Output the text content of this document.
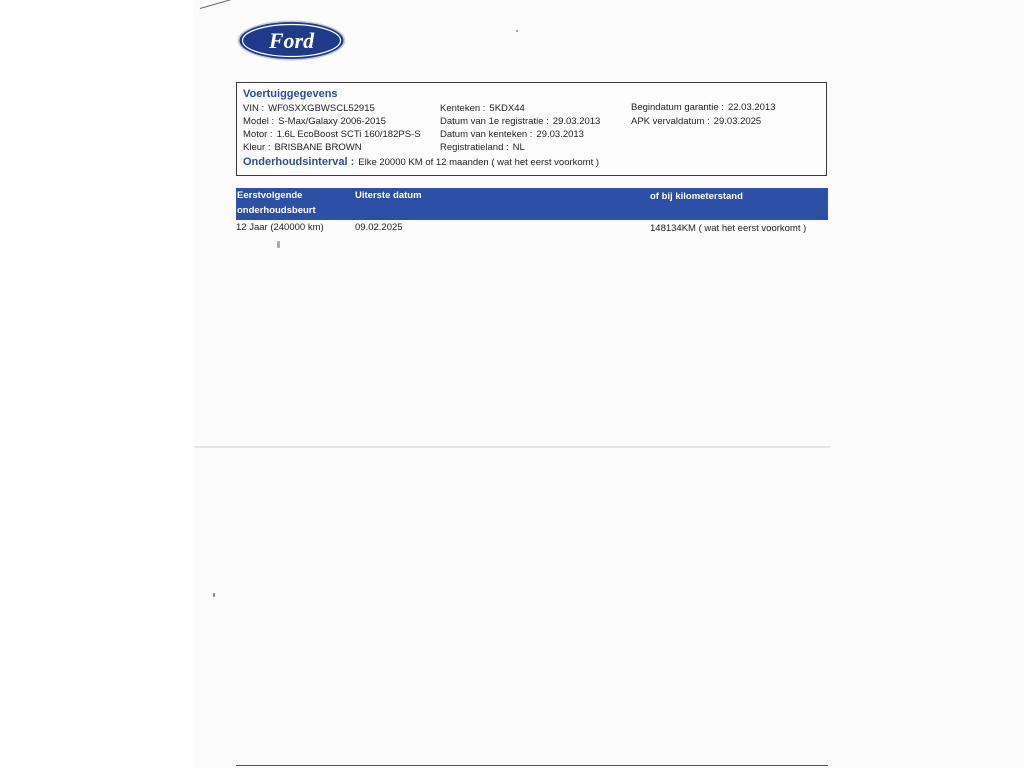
Ford
Voertuiggegevens
VIN : WF0SXXGBWSCL52915
Model : S-Max/Galaxy 2006-2015
Motor : 1.6L EcoBoost SCTi 160/182PS-S
Kleur : BRISBANE BROWN
Kenteken : 5KDX44
Datum van 1e registratie : 29.03.2013
Datum van kenteken : 29.03.2013
Registratieland : NL
Begindatum garantie : 22.03.2013
APK vervaldatum : 29.03.2025
Onderhoudsinterval : Elke 20000 KM of 12 maanden ( wat het eerst voorkomt )
Eerstvolgende
onderhoudsbeurt
Uiterste datum	of bij kilometerstand
12 Jaar (240000 km)	09.02.2025	148134KM ( wat het eerst voorkomt )
